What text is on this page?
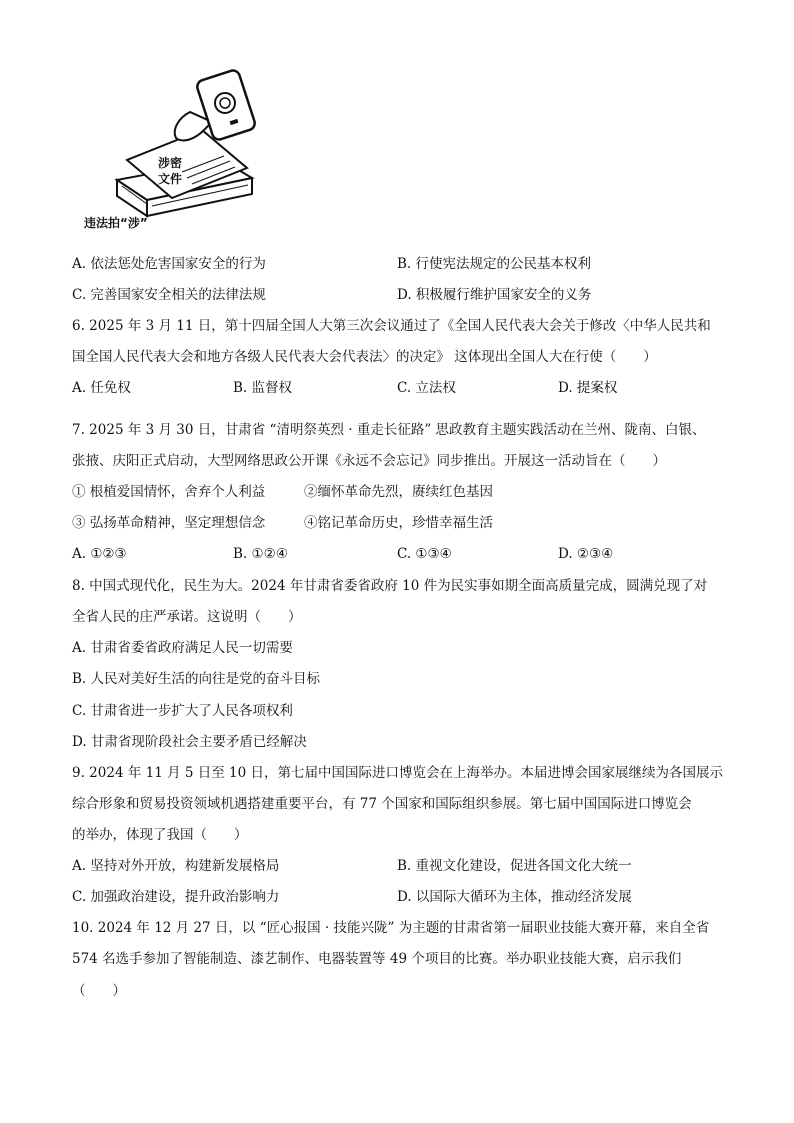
涉密
文件
违法拍“涉”
A. 依法惩处危害国家安全的行为	B. 行使宪法规定的公民基本权利
C. 完善国家安全相关的法律法规	D. 积极履行维护国家安全的义务
6. 2025 年 3 月 11 日，第十四届全国人大第三次会议通过了《全国人民代表大会关于修改〈中华人民共和
国全国人民代表大会和地方各级人民代表大会代表法〉的决定》 这体现出全国人大在行使（　　）
A. 任免权	B. 监督权	C. 立法权	D. 提案权
7. 2025 年 3 月 30 日，甘肃省 “清明祭英烈 · 重走长征路” 思政教育主题实践活动在兰州、陇南、白银、
张掖、庆阳正式启动，大型网络思政公开课《永远不会忘记》同步推出。开展这一活动旨在（　　）
① 根植爱国情怀，舍弃个人利益	②缅怀革命先烈，赓续红色基因
③ 弘扬革命精神，坚定理想信念	④铭记革命历史，珍惜幸福生活
A. ①②③	B. ①②④	C. ①③④	D. ②③④
8. 中国式现代化，民生为大。2024 年甘肃省委省政府 10 件为民实事如期全面高质量完成，圆满兑现了对
全省人民的庄严承诺。这说明（　　）
A. 甘肃省委省政府满足人民一切需要
B. 人民对美好生活的向往是党的奋斗目标
C. 甘肃省进一步扩大了人民各项权利
D. 甘肃省现阶段社会主要矛盾已经解决
9. 2024 年 11 月 5 日至 10 日，第七届中国国际进口博览会在上海举办。本届进博会国家展继续为各国展示
综合形象和贸易投资领域机遇搭建重要平台，有 77 个国家和国际组织参展。第七届中国国际进口博览会
的举办，体现了我国（　　）
A. 坚持对外开放，构建新发展格局	B. 重视文化建设，促进各国文化大统一
C. 加强政治建设，提升政治影响力	D. 以国际大循环为主体，推动经济发展
10. 2024 年 12 月 27 日，以 “匠心报国 · 技能兴陇” 为主题的甘肃省第一届职业技能大赛开幕，来自全省
574 名选手参加了智能制造、漆艺制作、电器装置等 49 个项目的比赛。举办职业技能大赛，启示我们
（　　）
